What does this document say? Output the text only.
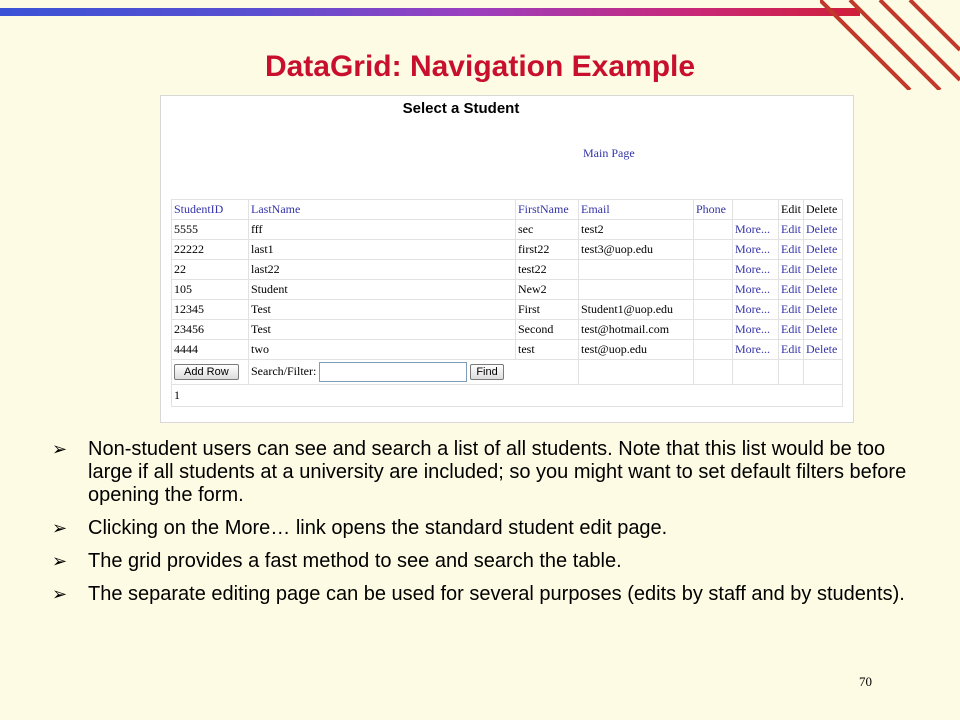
DataGrid: Navigation Example
Select a Student
Main Page
StudentID	LastName	FirstName	Email	Phone		Edit	Delete
5555	fff	sec	test2		More...	Edit	Delete
22222	last1	first22	test3@uop.edu		More...	Edit	Delete
22	last22	test22			More...	Edit	Delete
105	Student	New2			More...	Edit	Delete
12345	Test	First	Student1@uop.edu		More...	Edit	Delete
23456	Test	Second	test@hotmail.com		More...	Edit	Delete
4444	two	test	test@uop.edu		More...	Edit	Delete
Add Row	Search/Filter: Find						
1							
➢ Non-student users can see and search a list of all students. Note that this list would be too large if all students at a university are included; so you might want to set default filters before opening the form.
➢ Clicking on the More… link opens the standard student edit page.
➢ The grid provides a fast method to see and search the table.
➢ The separate editing page can be used for several purposes (edits by staff and by students).
70
